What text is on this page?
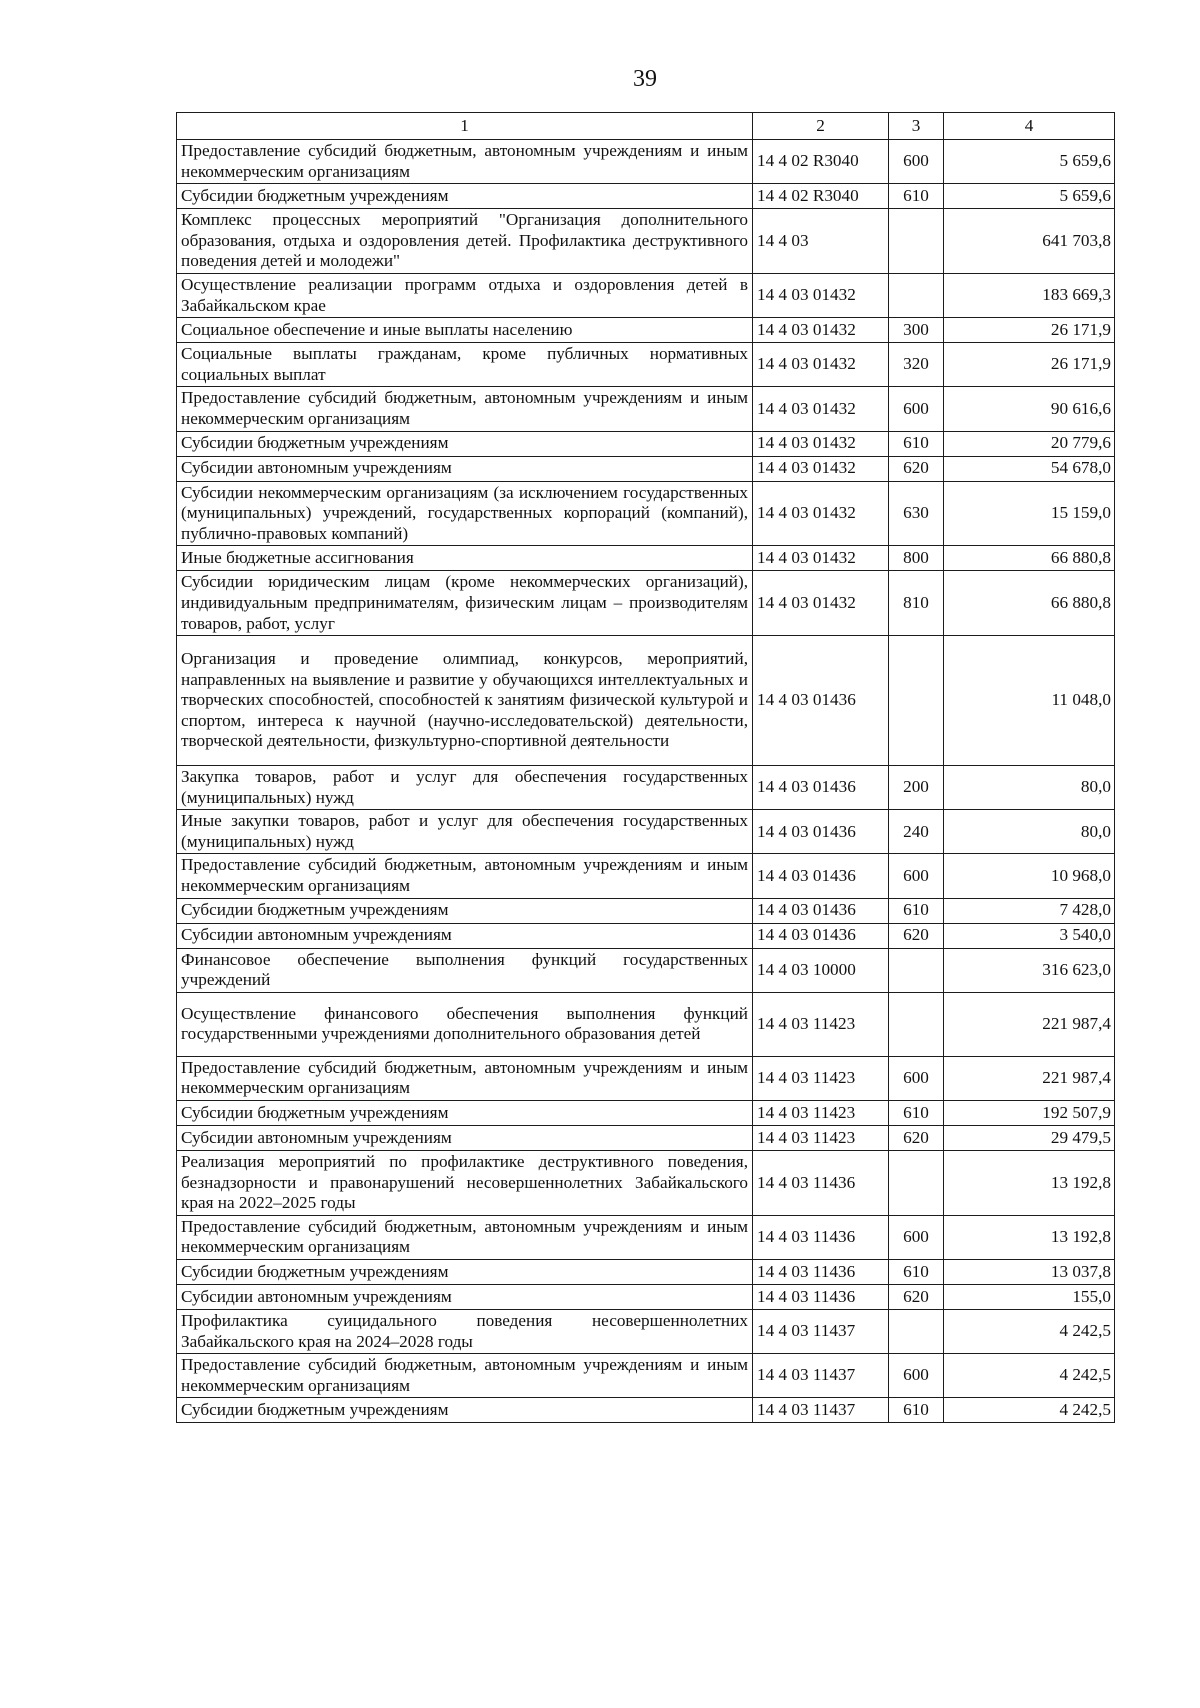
39
1	2	3	4
Предоставление субсидий бюджетным, автономным учреждениям и иным некоммерческим организациям	14 4 02 R3040	600	5 659,6
Субсидии бюджетным учреждениям	14 4 02 R3040	610	5 659,6
Комплекс процессных мероприятий "Организация дополнительного образования, отдыха и оздоровления детей. Профилактика деструктивного поведения детей и молодежи"	14 4 03		641 703,8
Осуществление реализации программ отдыха и оздоровления детей в Забайкальском крае	14 4 03 01432		183 669,3
Социальное обеспечение и иные выплаты населению	14 4 03 01432	300	26 171,9
Социальные выплаты гражданам, кроме публичных нормативных социальных выплат	14 4 03 01432	320	26 171,9
Предоставление субсидий бюджетным, автономным учреждениям и иным некоммерческим организациям	14 4 03 01432	600	90 616,6
Субсидии бюджетным учреждениям	14 4 03 01432	610	20 779,6
Субсидии автономным учреждениям	14 4 03 01432	620	54 678,0
Субсидии некоммерческим организациям (за исключением государственных (муниципальных) учреждений, государственных корпораций (компаний), публично-правовых компаний)	14 4 03 01432	630	15 159,0
Иные бюджетные ассигнования	14 4 03 01432	800	66 880,8
Субсидии юридическим лицам (кроме некоммерческих организаций), индивидуальным предпринимателям, физическим лицам – производителям товаров, работ, услуг	14 4 03 01432	810	66 880,8
Организация и проведение олимпиад, конкурсов, мероприятий, направленных на выявление и развитие у обучающихся интеллектуальных и творческих способностей, способностей к занятиям физической культурой и спортом, интереса к научной (научно-исследовательской) деятельности, творческой деятельности, физкультурно-спортивной деятельности	14 4 03 01436		11 048,0
Закупка товаров, работ и услуг для обеспечения государственных (муниципальных) нужд	14 4 03 01436	200	80,0
Иные закупки товаров, работ и услуг для обеспечения государственных (муниципальных) нужд	14 4 03 01436	240	80,0
Предоставление субсидий бюджетным, автономным учреждениям и иным некоммерческим организациям	14 4 03 01436	600	10 968,0
Субсидии бюджетным учреждениям	14 4 03 01436	610	7 428,0
Субсидии автономным учреждениям	14 4 03 01436	620	3 540,0
Финансовое обеспечение выполнения функций государственных учреждений	14 4 03 10000		316 623,0
Осуществление финансового обеспечения выполнения функций государственными учреждениями дополнительного образования детей	14 4 03 11423		221 987,4
Предоставление субсидий бюджетным, автономным учреждениям и иным некоммерческим организациям	14 4 03 11423	600	221 987,4
Субсидии бюджетным учреждениям	14 4 03 11423	610	192 507,9
Субсидии автономным учреждениям	14 4 03 11423	620	29 479,5
Реализация мероприятий по профилактике деструктивного поведения, безнадзорности и правонарушений несовершеннолетних Забайкальского края на 2022–2025 годы	14 4 03 11436		13 192,8
Предоставление субсидий бюджетным, автономным учреждениям и иным некоммерческим организациям	14 4 03 11436	600	13 192,8
Субсидии бюджетным учреждениям	14 4 03 11436	610	13 037,8
Субсидии автономным учреждениям	14 4 03 11436	620	155,0
Профилактика суицидального поведения несовершеннолетних Забайкальского края на 2024–2028 годы	14 4 03 11437		4 242,5
Предоставление субсидий бюджетным, автономным учреждениям и иным некоммерческим организациям	14 4 03 11437	600	4 242,5
Субсидии бюджетным учреждениям	14 4 03 11437	610	4 242,5
